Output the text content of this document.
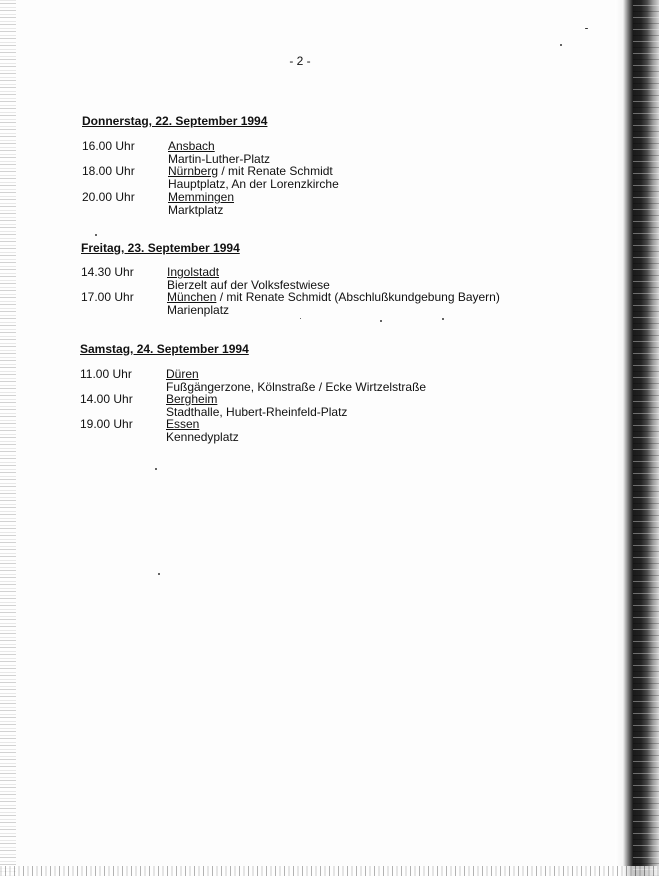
- 2 -
Donnerstag, 22. September 1994
16.00 Uhr	Ansbach
Martin-Luther-Platz
18.00 Uhr	Nürnberg / mit Renate Schmidt
Hauptplatz, An der Lorenzkirche
20.00 Uhr	Memmingen
Marktplatz
Freitag, 23. September 1994
14.30 Uhr	Ingolstadt
Bierzelt auf der Volksfestwiese
17.00 Uhr	München / mit Renate Schmidt (Abschlußkundgebung Bayern)
Marienplatz
Samstag, 24. September 1994
11.00 Uhr	Düren
Fußgängerzone, Kölnstraße / Ecke Wirtzelstraße
14.00 Uhr	Bergheim
Stadthalle, Hubert-Rheinfeld-Platz
19.00 Uhr	Essen
Kennedyplatz
